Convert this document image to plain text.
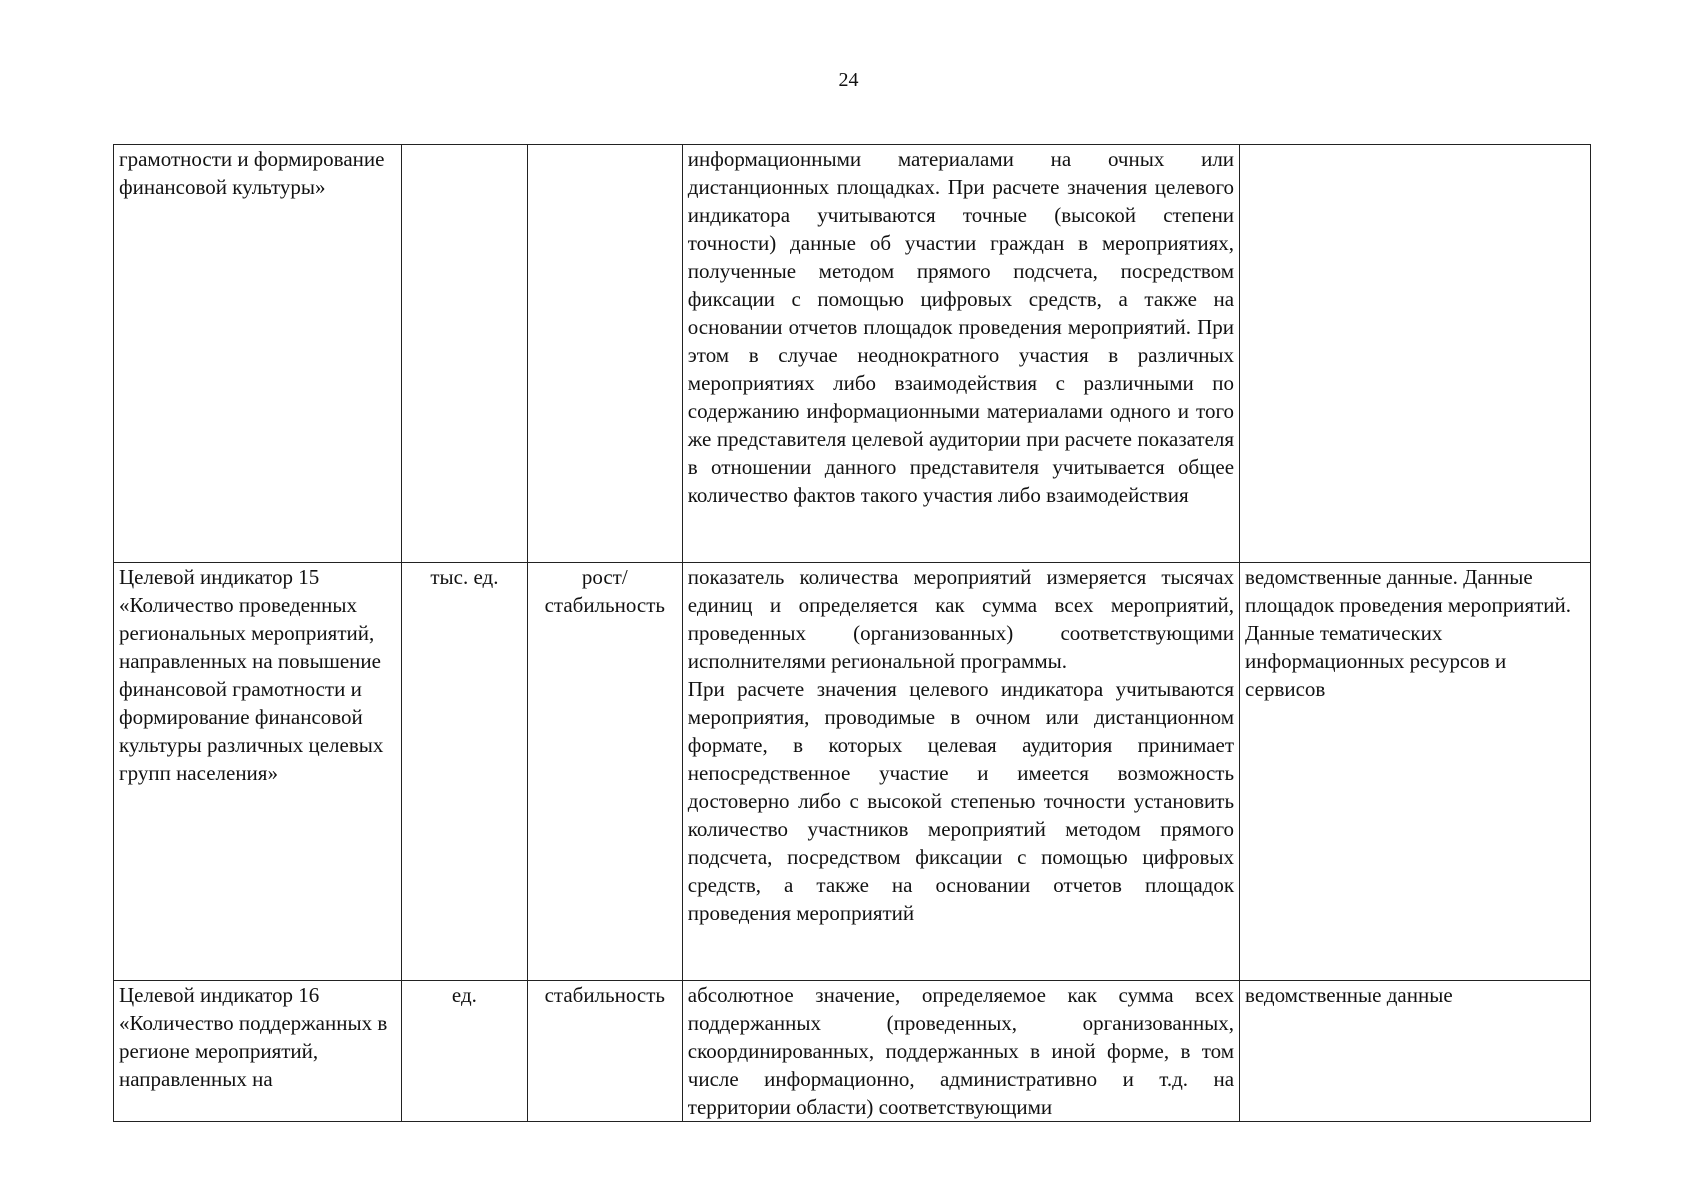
24
грамотности и формирование финансовой культуры»			информационными материалами на очных или дистанционных площадках. При расчете значения целевого индикатора учитываются точные (высокой степени точности) данные об участии граждан в мероприятиях, полученные методом прямого подсчета, посредством фиксации с помощью цифровых средств, а также на основании отчетов площадок проведения мероприятий. При этом в случае неоднократного участия в различных мероприятиях либо взаимодействия с различными по содержанию информационными материалами одного и того же представителя целевой аудитории при расчете показателя в отношении данного представителя учитывается общее количество фактов такого участия либо взаимодействия	

Целевой индикатор 15 «Количество проведенных региональных мероприятий, направленных на повышение финансовой грамотности и формирование финансовой культуры различных целевых групп населения»	тыс. ед.	рост/стабильность	показатель количества мероприятий измеряется тысячах единиц и определяется как сумма всех мероприятий, проведенных (организованных) соответствующими исполнителями региональной программы.
При расчете значения целевого индикатора учитываются мероприятия, проводимые в очном или дистанционном формате, в которых целевая аудитория принимает непосредственное участие и имеется возможность достоверно либо с высокой степенью точности установить количество участников мероприятий методом прямого подсчета, посредством фиксации с помощью цифровых средств, а также на основании отчетов площадок проведения мероприятий	ведомственные данные. Данные площадок проведения мероприятий. Данные тематических информационных ресурсов и сервисов
Целевой индикатор 16 «Количество поддержанных в регионе мероприятий, направленных на	ед.	стабильность	абсолютное значение, определяемое как сумма всех поддержанных (проведенных, организованных, скоординированных, поддержанных в иной форме, в том числе информационно, административно и т.д. на территории области) соответствующими	ведомственные данные
